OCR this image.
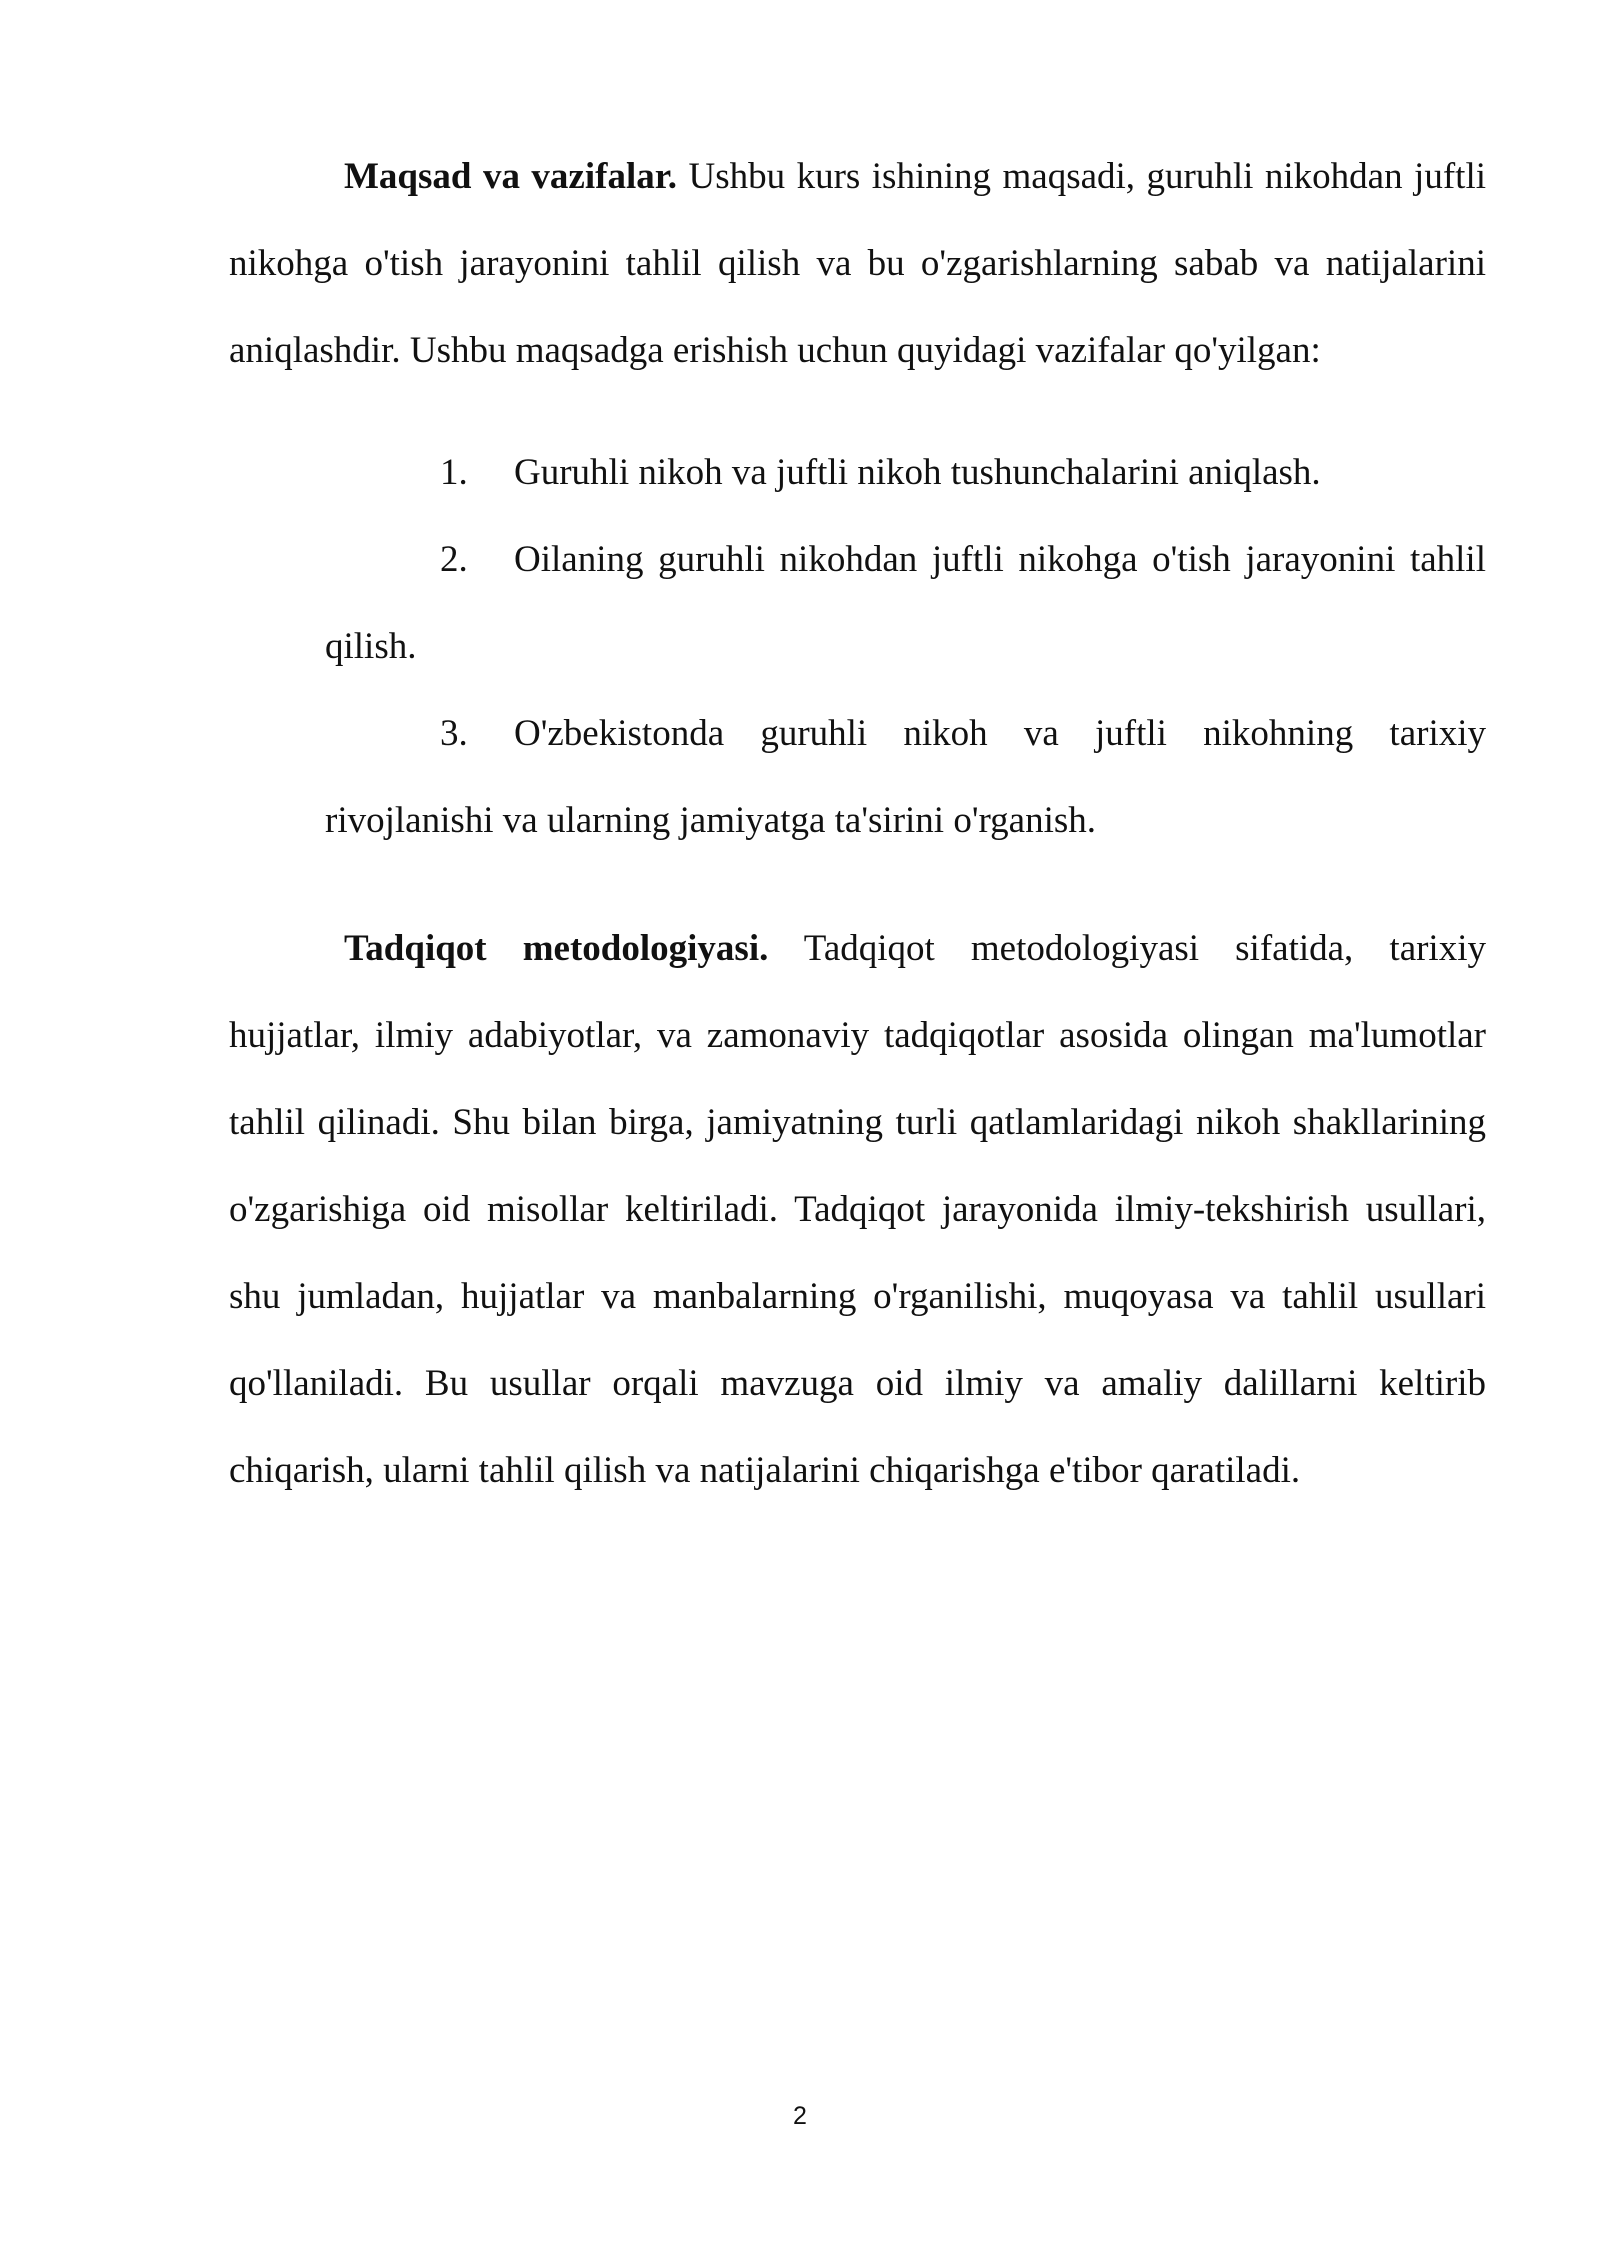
Maqsad va vazifalar. Ushbu kurs ishining maqsadi, guruhli nikohdan juftli nikohga o'tish jarayonini tahlil qilish va bu o'zgarishlarning sabab va natijalarini aniqlashdir. Ushbu maqsadga erishish uchun quyidagi vazifalar qo'yilgan:

1. Guruhli nikoh va juftli nikoh tushunchalarini aniqlash.
2. Oilaning guruhli nikohdan juftli nikohga o'tish jarayonini tahlil qilish.
3. O'zbekistonda guruhli nikoh va juftli nikohning tarixiy rivojlanishi va ularning jamiyatga ta'sirini o'rganish.

Tadqiqot metodologiyasi. Tadqiqot metodologiyasi sifatida, tarixiy hujjatlar, ilmiy adabiyotlar, va zamonaviy tadqiqotlar asosida olingan ma'lumotlar tahlil qilinadi. Shu bilan birga, jamiyatning turli qatlamlaridagi nikoh shakllarining o'zgarishiga oid misollar keltiriladi. Tadqiqot jarayonida ilmiy-tekshirish usullari, shu jumladan, hujjatlar va manbalarning o'rganilishi, muqoyasa va tahlil usullari qo'llaniladi. Bu usullar orqali mavzuga oid ilmiy va amaliy dalillarni keltirib chiqarish, ularni tahlil qilish va natijalarini chiqarishga e'tibor qaratiladi.

2
